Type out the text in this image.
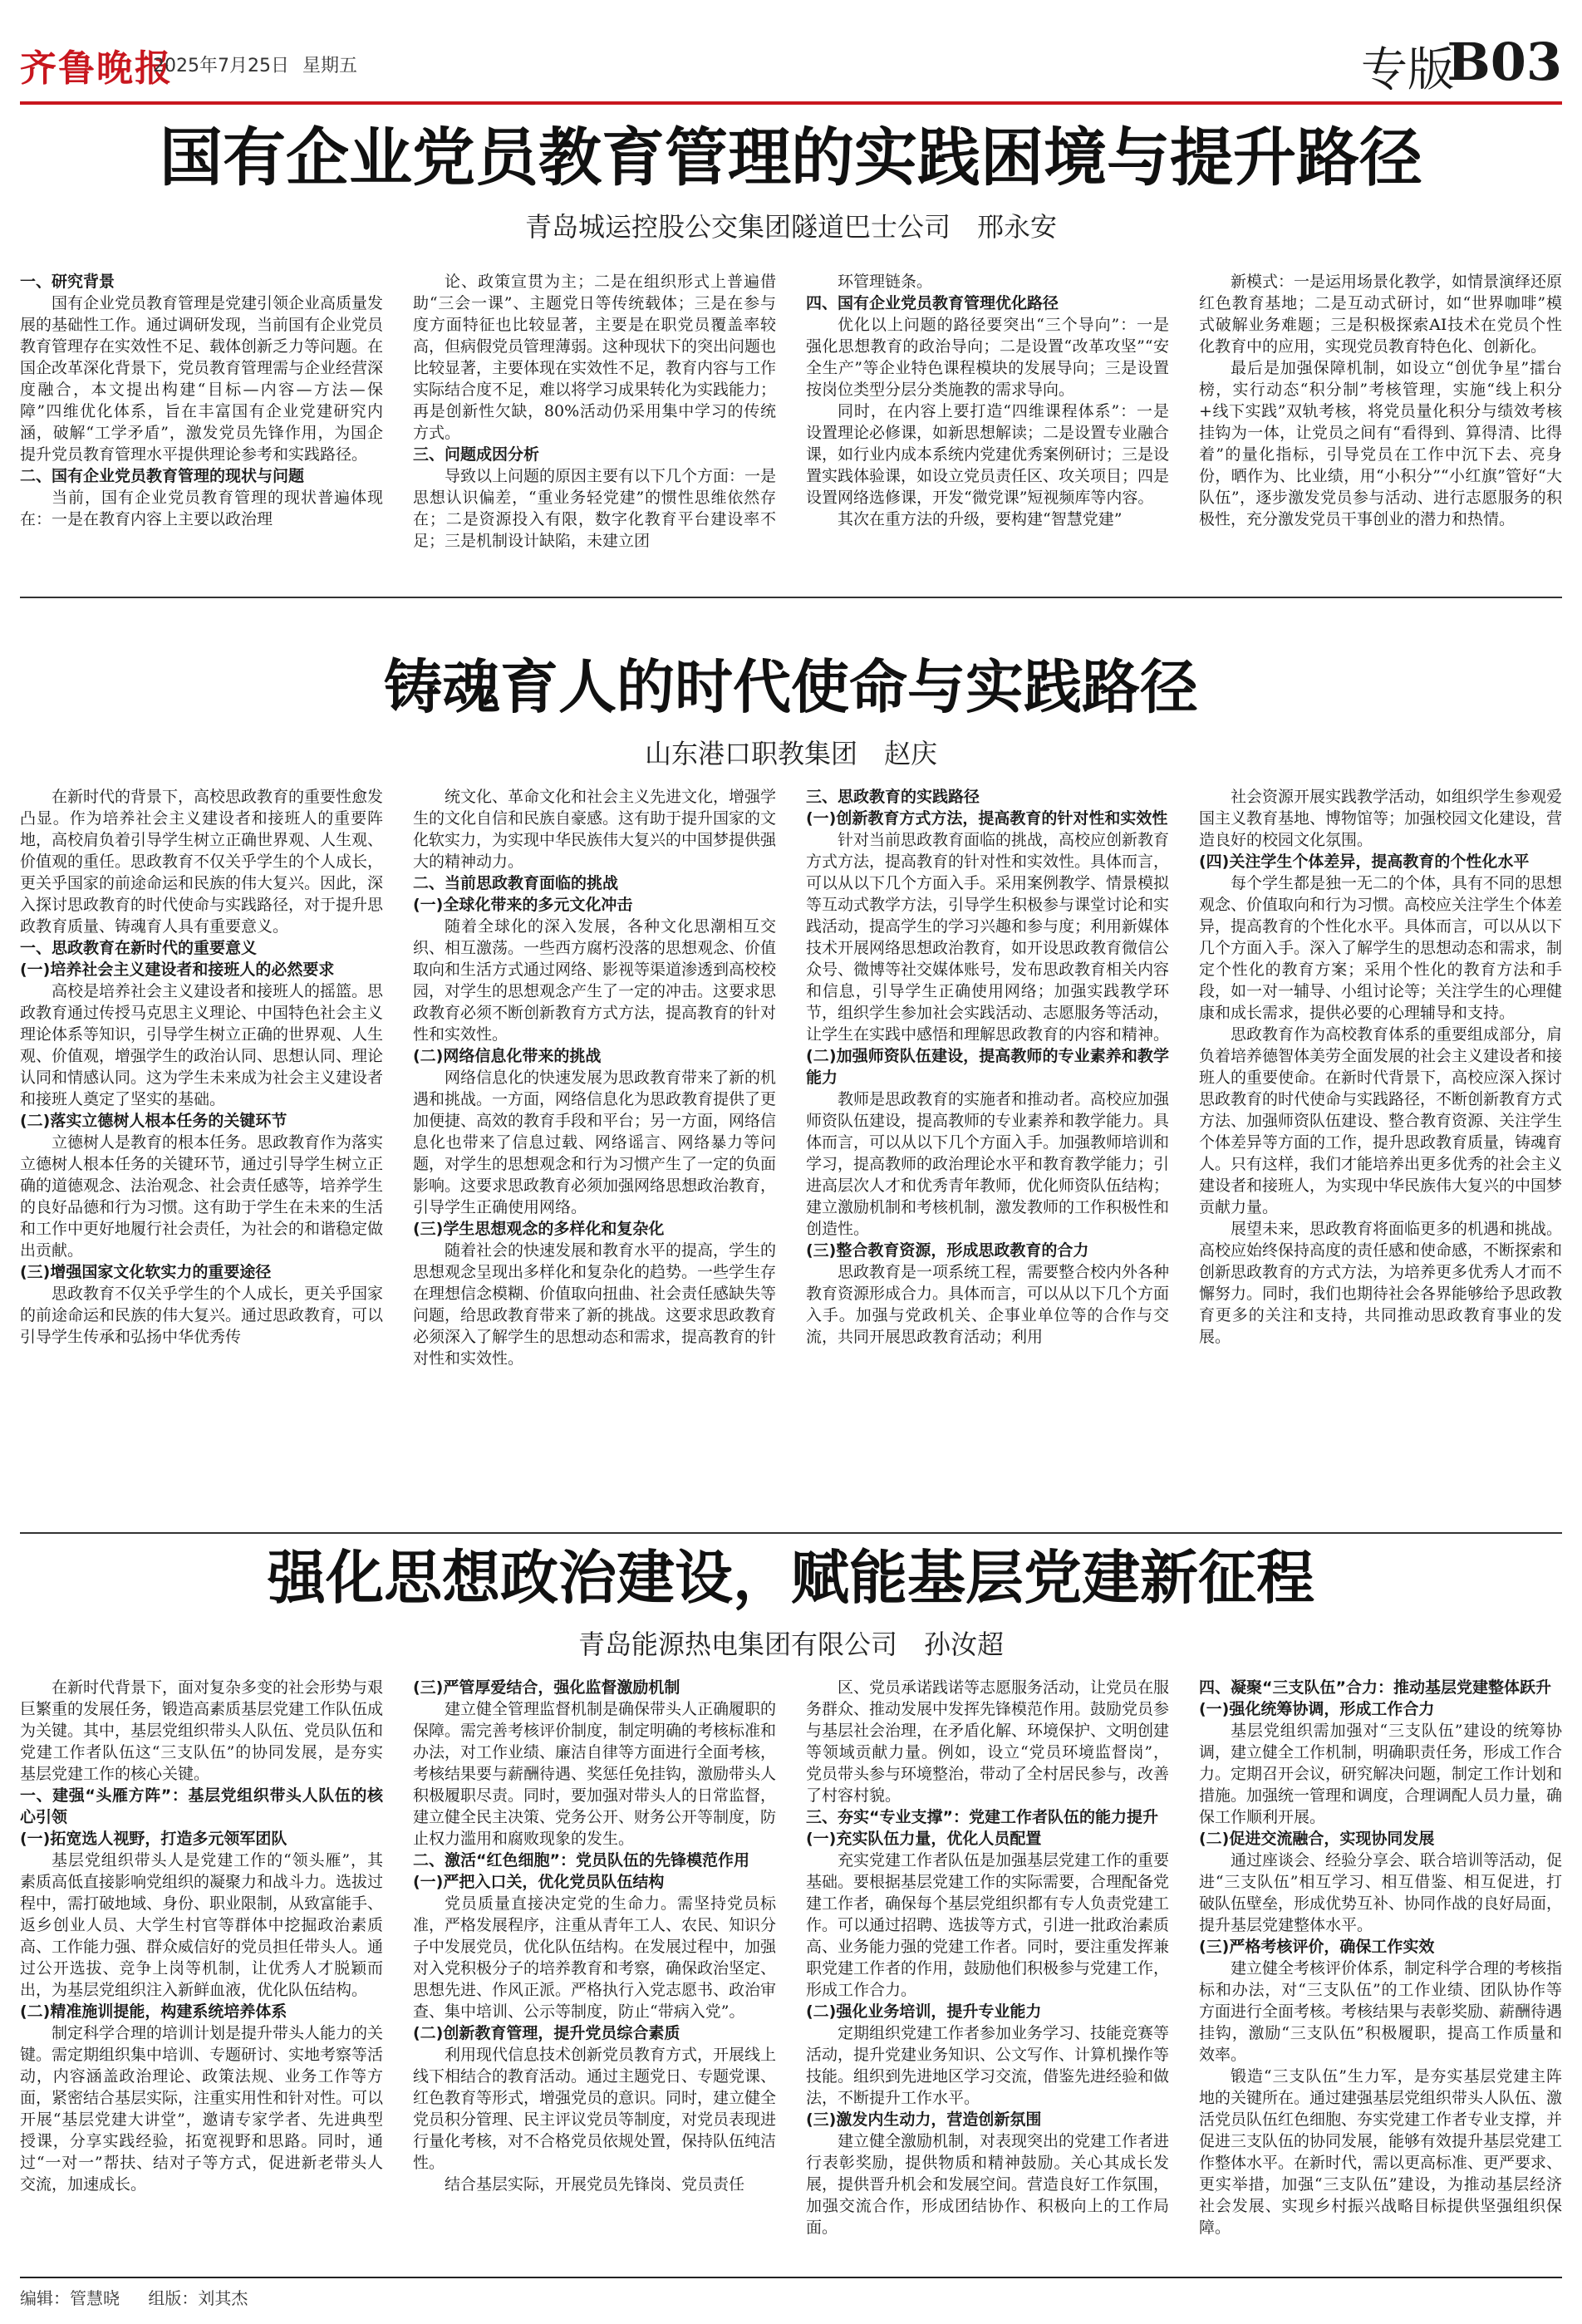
齐鲁晚报
2025年7月25日 星期五	专版
B03
国有企业党员教育管理的实践困境与提升路径
青岛城运控股公交集团隧道巴士公司　邢永安

一、研究背景

国有企业党员教育管理是党建引领企业高质量发展的基础性工作。通过调研发现，当前国有企业党员教育管理存在实效性不足、载体创新乏力等问题。在国企改革深化背景下，党员教育管理需与企业经营深度融合，本文提出构建“目标—内容—方法—保障”四维优化体系，旨在丰富国有企业党建研究内涵，破解“工学矛盾”，激发党员先锋作用，为国企提升党员教育管理水平提供理论参考和实践路径。

二、国有企业党员教育管理的现状与问题

当前，国有企业党员教育管理的现状普遍体现在：一是在教育内容上主要以政治理

论、政策宣贯为主；二是在组织形式上普遍借助“三会一课”、主题党日等传统载体；三是在参与度方面特征也比较显著，主要是在职党员覆盖率较高，但病假党员管理薄弱。这种现状下的突出问题也比较显著，主要体现在实效性不足，教育内容与工作实际结合度不足，难以将学习成果转化为实践能力；再是创新性欠缺，80%活动仍采用集中学习的传统方式。

三、问题成因分析

导致以上问题的原因主要有以下几个方面：一是思想认识偏差，“重业务轻党建”的惯性思维依然存在；二是资源投入有限，数字化教育平台建设率不足；三是机制设计缺陷，未建立团

环管理链条。

四、国有企业党员教育管理优化路径

优化以上问题的路径要突出“三个导向”：一是强化思想教育的政治导向；二是设置“改革攻坚”“安全生产”等企业特色课程模块的发展导向；三是设置按岗位类型分层分类施教的需求导向。

同时，在内容上要打造“四维课程体系”：一是设置理论必修课，如新思想解读；二是设置专业融合课，如行业内成本系统内党建优秀案例研讨；三是设置实践体验课，如设立党员责任区、攻关项目；四是设置网络选修课，开发“微党课”短视频库等内容。

其次在重方法的升级，要构建“智慧党建”

新模式：一是运用场景化教学，如情景演绎还原红色教育基地；二是互动式研讨，如“世界咖啡”模式破解业务难题；三是积极探索AI技术在党员个性化教育中的应用，实现党员教育特色化、创新化。

最后是加强保障机制，如设立“创优争星”擂台榜，实行动态“积分制”考核管理，实施“线上积分+线下实践”双轨考核，将党员量化积分与绩效考核挂钩为一体，让党员之间有“看得到、算得清、比得着”的量化指标，引导党员在工作中沉下去、亮身份，晒作为、比业绩，用“小积分”“小红旗”管好“大队伍”，逐步激发党员参与活动、进行志愿服务的积极性，充分激发党员干事创业的潜力和热情。

铸魂育人的时代使命与实践路径
山东港口职教集团　赵庆

在新时代的背景下，高校思政教育的重要性愈发凸显。作为培养社会主义建设者和接班人的重要阵地，高校肩负着引导学生树立正确世界观、人生观、价值观的重任。思政教育不仅关乎学生的个人成长，更关乎国家的前途命运和民族的伟大复兴。因此，深入探讨思政教育的时代使命与实践路径，对于提升思政教育质量、铸魂育人具有重要意义。

一、思政教育在新时代的重要意义

(一)培养社会主义建设者和接班人的必然要求

高校是培养社会主义建设者和接班人的摇篮。思政教育通过传授马克思主义理论、中国特色社会主义理论体系等知识，引导学生树立正确的世界观、人生观、价值观，增强学生的政治认同、思想认同、理论认同和情感认同。这为学生未来成为社会主义建设者和接班人奠定了坚实的基础。

(二)落实立德树人根本任务的关键环节

立德树人是教育的根本任务。思政教育作为落实立德树人根本任务的关键环节，通过引导学生树立正确的道德观念、法治观念、社会责任感等，培养学生的良好品德和行为习惯。这有助于学生在未来的生活和工作中更好地履行社会责任，为社会的和谐稳定做出贡献。

(三)增强国家文化软实力的重要途径

思政教育不仅关乎学生的个人成长，更关乎国家的前途命运和民族的伟大复兴。通过思政教育，可以引导学生传承和弘扬中华优秀传

统文化、革命文化和社会主义先进文化，增强学生的文化自信和民族自豪感。这有助于提升国家的文化软实力，为实现中华民族伟大复兴的中国梦提供强大的精神动力。

二、当前思政教育面临的挑战

(一)全球化带来的多元文化冲击

随着全球化的深入发展，各种文化思潮相互交织、相互激荡。一些西方腐朽没落的思想观念、价值取向和生活方式通过网络、影视等渠道渗透到高校校园，对学生的思想观念产生了一定的冲击。这要求思政教育必须不断创新教育方式方法，提高教育的针对性和实效性。

(二)网络信息化带来的挑战

网络信息化的快速发展为思政教育带来了新的机遇和挑战。一方面，网络信息化为思政教育提供了更加便捷、高效的教育手段和平台；另一方面，网络信息化也带来了信息过载、网络谣言、网络暴力等问题，对学生的思想观念和行为习惯产生了一定的负面影响。这要求思政教育必须加强网络思想政治教育，引导学生正确使用网络。

(三)学生思想观念的多样化和复杂化

随着社会的快速发展和教育水平的提高，学生的思想观念呈现出多样化和复杂化的趋势。一些学生存在理想信念模糊、价值取向扭曲、社会责任感缺失等问题，给思政教育带来了新的挑战。这要求思政教育必须深入了解学生的思想动态和需求，提高教育的针对性和实效性。

三、思政教育的实践路径

(一)创新教育方式方法，提高教育的针对性和实效性

针对当前思政教育面临的挑战，高校应创新教育方式方法，提高教育的针对性和实效性。具体而言，可以从以下几个方面入手。采用案例教学、情景模拟等互动式教学方法，引导学生积极参与课堂讨论和实践活动，提高学生的学习兴趣和参与度；利用新媒体技术开展网络思想政治教育，如开设思政教育微信公众号、微博等社交媒体账号，发布思政教育相关内容和信息，引导学生正确使用网络；加强实践教学环节，组织学生参加社会实践活动、志愿服务等活动，让学生在实践中感悟和理解思政教育的内容和精神。

(二)加强师资队伍建设，提高教师的专业素养和教学能力

教师是思政教育的实施者和推动者。高校应加强师资队伍建设，提高教师的专业素养和教学能力。具体而言，可以从以下几个方面入手。加强教师培训和学习，提高教师的政治理论水平和教育教学能力；引进高层次人才和优秀青年教师，优化师资队伍结构；建立激励机制和考核机制，激发教师的工作积极性和创造性。

(三)整合教育资源，形成思政教育的合力

思政教育是一项系统工程，需要整合校内外各种教育资源形成合力。具体而言，可以从以下几个方面入手。加强与党政机关、企事业单位等的合作与交流，共同开展思政教育活动；利用

社会资源开展实践教学活动，如组织学生参观爱国主义教育基地、博物馆等；加强校园文化建设，营造良好的校园文化氛围。

(四)关注学生个体差异，提高教育的个性化水平

每个学生都是独一无二的个体，具有不同的思想观念、价值取向和行为习惯。高校应关注学生个体差异，提高教育的个性化水平。具体而言，可以从以下几个方面入手。深入了解学生的思想动态和需求，制定个性化的教育方案；采用个性化的教育方法和手段，如一对一辅导、小组讨论等；关注学生的心理健康和成长需求，提供必要的心理辅导和支持。

思政教育作为高校教育体系的重要组成部分，肩负着培养德智体美劳全面发展的社会主义建设者和接班人的重要使命。在新时代背景下，高校应深入探讨思政教育的时代使命与实践路径，不断创新教育方式方法、加强师资队伍建设、整合教育资源、关注学生个体差异等方面的工作，提升思政教育质量，铸魂育人。只有这样，我们才能培养出更多优秀的社会主义建设者和接班人，为实现中华民族伟大复兴的中国梦贡献力量。

展望未来，思政教育将面临更多的机遇和挑战。高校应始终保持高度的责任感和使命感，不断探索和创新思政教育的方式方法，为培养更多优秀人才而不懈努力。同时，我们也期待社会各界能够给予思政教育更多的关注和支持，共同推动思政教育事业的发展。

强化思想政治建设，赋能基层党建新征程
青岛能源热电集团有限公司　孙汝超

在新时代背景下，面对复杂多变的社会形势与艰巨繁重的发展任务，锻造高素质基层党建工作队伍成为关键。其中，基层党组织带头人队伍、党员队伍和党建工作者队伍这“三支队伍”的协同发展，是夯实基层党建工作的核心关键。

一、建强“头雁方阵”：基层党组织带头人队伍的核心引领

(一)拓宽选人视野，打造多元领军团队

基层党组织带头人是党建工作的“领头雁”，其素质高低直接影响党组织的凝聚力和战斗力。选拔过程中，需打破地域、身份、职业限制，从致富能手、返乡创业人员、大学生村官等群体中挖掘政治素质高、工作能力强、群众威信好的党员担任带头人。通过公开选拔、竞争上岗等机制，让优秀人才脱颖而出，为基层党组织注入新鲜血液，优化队伍结构。

(二)精准施训提能，构建系统培养体系

制定科学合理的培训计划是提升带头人能力的关键。需定期组织集中培训、专题研讨、实地考察等活动，内容涵盖政治理论、政策法规、业务工作等方面，紧密结合基层实际，注重实用性和针对性。可以开展“基层党建大讲堂”，邀请专家学者、先进典型授课，分享实践经验，拓宽视野和思路。同时，通过“一对一”帮扶、结对子等方式，促进新老带头人交流，加速成长。

(三)严管厚爱结合，强化监督激励机制

建立健全管理监督机制是确保带头人正确履职的保障。需完善考核评价制度，制定明确的考核标准和办法，对工作业绩、廉洁自律等方面进行全面考核，考核结果要与薪酬待遇、奖惩任免挂钩，激励带头人积极履职尽责。同时，要加强对带头人的日常监督，建立健全民主决策、党务公开、财务公开等制度，防止权力滥用和腐败现象的发生。

二、激活“红色细胞”：党员队伍的先锋模范作用

(一)严把入口关，优化党员队伍结构

党员质量直接决定党的生命力。需坚持党员标准，严格发展程序，注重从青年工人、农民、知识分子中发展党员，优化队伍结构。在发展过程中，加强对入党积极分子的培养教育和考察，确保政治坚定、思想先进、作风正派。严格执行入党志愿书、政治审查、集中培训、公示等制度，防止“带病入党”。

(二)创新教育管理，提升党员综合素质

利用现代信息技术创新党员教育方式，开展线上线下相结合的教育活动。通过主题党日、专题党课、红色教育等形式，增强党员的意识。同时，建立健全党员积分管理、民主评议党员等制度，对党员表现进行量化考核，对不合格党员依规处置，保持队伍纯洁性。

结合基层实际，开展党员先锋岗、党员责任

区、党员承诺践诺等志愿服务活动，让党员在服务群众、推动发展中发挥先锋模范作用。鼓励党员参与基层社会治理，在矛盾化解、环境保护、文明创建等领域贡献力量。例如，设立“党员环境监督岗”，党员带头参与环境整治，带动了全村居民参与，改善了村容村貌。

三、夯实“专业支撑”：党建工作者队伍的能力提升

(一)充实队伍力量，优化人员配置

充实党建工作者队伍是加强基层党建工作的重要基础。要根据基层党建工作的实际需要，合理配备党建工作者，确保每个基层党组织都有专人负责党建工作。可以通过招聘、选拔等方式，引进一批政治素质高、业务能力强的党建工作者。同时，要注重发挥兼职党建工作者的作用，鼓励他们积极参与党建工作，形成工作合力。

(二)强化业务培训，提升专业能力

定期组织党建工作者参加业务学习、技能竞赛等活动，提升党建业务知识、公文写作、计算机操作等技能。组织到先进地区学习交流，借鉴先进经验和做法，不断提升工作水平。

(三)激发内生动力，营造创新氛围

建立健全激励机制，对表现突出的党建工作者进行表彰奖励，提供物质和精神鼓励。关心其成长发展，提供晋升机会和发展空间。营造良好工作氛围，加强交流合作，形成团结协作、积极向上的工作局面。

四、凝聚“三支队伍”合力：推动基层党建整体跃升

(一)强化统筹协调，形成工作合力

基层党组织需加强对“三支队伍”建设的统筹协调，建立健全工作机制，明确职责任务，形成工作合力。定期召开会议，研究解决问题，制定工作计划和措施。加强统一管理和调度，合理调配人员力量，确保工作顺利开展。

(二)促进交流融合，实现协同发展

通过座谈会、经验分享会、联合培训等活动，促进“三支队伍”相互学习、相互借鉴、相互促进，打破队伍壁垒，形成优势互补、协同作战的良好局面，提升基层党建整体水平。

(三)严格考核评价，确保工作实效

建立健全考核评价体系，制定科学合理的考核指标和办法，对“三支队伍”的工作业绩、团队协作等方面进行全面考核。考核结果与表彰奖励、薪酬待遇挂钩，激励“三支队伍”积极履职，提高工作质量和效率。

锻造“三支队伍”生力军，是夯实基层党建主阵地的关键所在。通过建强基层党组织带头人队伍、激活党员队伍红色细胞、夯实党建工作者专业支撑，并促进三支队伍的协同发展，能够有效提升基层党建工作整体水平。在新时代，需以更高标准、更严要求、更实举措，加强“三支队伍”建设，为推动基层经济社会发展、实现乡村振兴战略目标提供坚强组织保障。

编辑：管慧晓 组版：刘其杰
